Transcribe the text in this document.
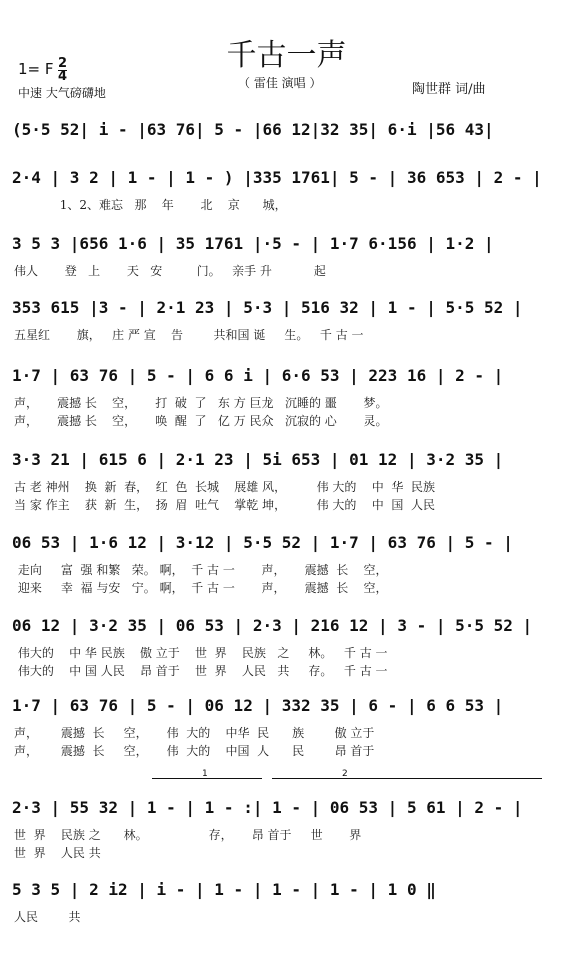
千古一声
（ 雷佳 演唱 ）
1= F 2
4
中速 大气磅礴地	陶世群 词/曲
(5·5 52| i - |63 76| 5 - |66 12|32 35| 6·i |56 43|
2·4 | 3 2 | 1 - | 1 - ) |335 1761| 5 - | 36 653 | 2 - |
1、2、难忘   那    年       北    京      城，
3 5 3 |656 1·6 | 35 1761 |·5 - | 1·7 6·156 | 1·2 |
伟人       登   上       天   安         门。   亲手 升           起
353 615 |3 - | 2·1 23 | 5·3 | 516 32 | 1 - | 5·5 52 |
五星红       旗，   庄 严 宣    告        共和国 诞     生。   千 古 一
1·7 | 63 76 | 5 - | 6 6 i | 6·6 53 | 223 16 | 2 - |
声，     震撼 长    空，     打  破  了   东 方 巨龙   沉睡的 噩       梦。
声，     震撼 长    空，     唤  醒  了   亿 万 民众   沉寂的 心       灵。
3·3 21 | 615 6 | 2·1 23 | 5i 653 | 01 12 | 3·2 35 |
古 老 神州    换  新  春，  红  色  长城    展雄 风，        伟 大的    中  华  民族
当 家 作主    获  新  生，  扬  眉  吐气    掌乾 坤，        伟 大的    中  国  人民
06 53 | 1·6 12 | 3·12 | 5·5 52 | 1·7 | 63 76 | 5 - |
走向     富  强 和繁   荣。 啊，  千 古 一       声，     震撼  长    空，
迎来     幸  福 与安   宁。 啊，  千 古 一       声，     震撼  长    空，
06 12 | 3·2 35 | 06 53 | 2·3 | 216 12 | 3 - | 5·5 52 |
伟大的    中 华 民族    傲 立于    世  界    民族   之     林。   千 古 一
伟大的    中 国 人民    昂 首于    世  界    人民   共     存。   千 古 一
1·7 | 63 76 | 5 - | 06 12 | 332 35 | 6 - | 6 6 53 |
声，      震撼  长     空，     伟  大的    中华  民      族        傲 立于
声，      震撼  长     空，     伟  大的    中国  人      民        昂 首于
2·3 | 55 32 | 1 - | 1 - :| 1 - | 06 53 | 5 61 | 2 - |
世  界    民族 之      林。                存，     昂 首于     世       界
世  界    人民 共
5 3 5 | 2 i2 | i - | 1 - | 1 - | 1 - | 1 0 ‖
人民        共
1	2
